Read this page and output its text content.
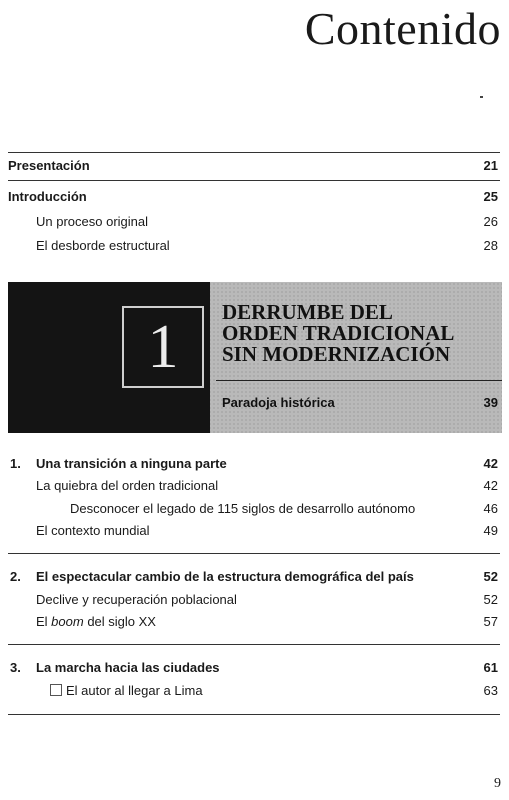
Contenido
Presentación	21
Introducción	25
Un proceso original	26
El desborde estructural	28
1
DERRUMBE DEL
ORDEN TRADICIONAL
SIN MODERNIZACIÓN
Paradoja histórica	39
1. Una transición a ninguna parte	42
La quiebra del orden tradicional	42
Desconocer el legado de 115 siglos de desarrollo autónomo	46
El contexto mundial	49
2. El espectacular cambio de la estructura demográfica del país	52
Declive y recuperación poblacional	52
El boom del siglo XX	57
3. La marcha hacia las ciudades	61
El autor al llegar a Lima	63
9
